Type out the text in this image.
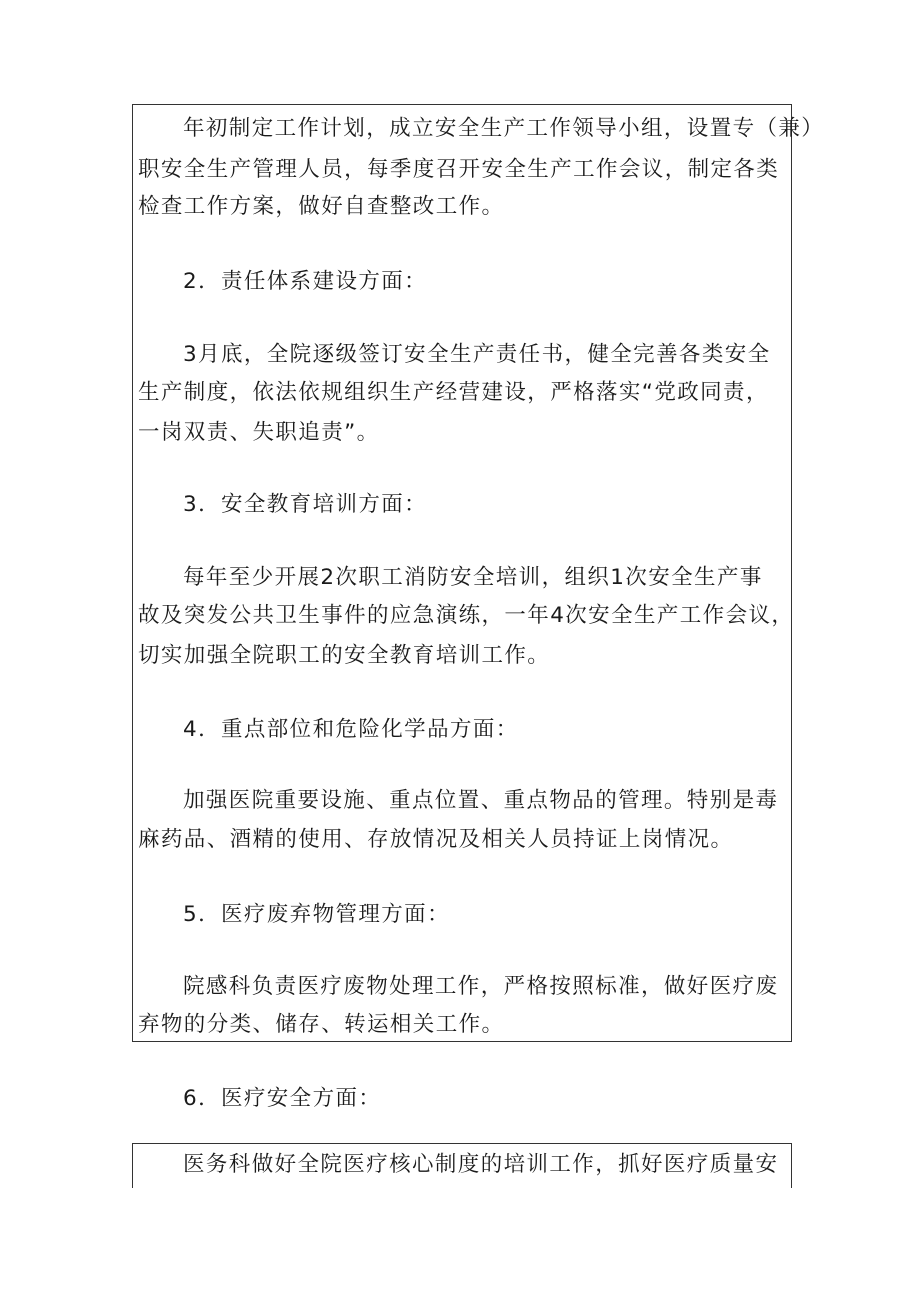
年初制定工作计划，成立安全生产工作领导小组，设置专（兼）
职安全生产管理人员，每季度召开安全生产工作会议，制定各类
检查工作方案，做好自查整改工作。
2．责任体系建设方面：
3月底，全院逐级签订安全生产责任书，健全完善各类安全
生产制度，依法依规组织生产经营建设，严格落实“党政同责，
一岗双责、失职追责”。
3．安全教育培训方面：
每年至少开展2次职工消防安全培训，组织1次安全生产事
故及突发公共卫生事件的应急演练，一年4次安全生产工作会议，
切实加强全院职工的安全教育培训工作。
4．重点部位和危险化学品方面：
加强医院重要设施、重点位置、重点物品的管理。特别是毒
麻药品、酒精的使用、存放情况及相关人员持证上岗情况。
5．医疗废弃物管理方面：
院感科负责医疗废物处理工作，严格按照标准，做好医疗废
弃物的分类、储存、转运相关工作。
6．医疗安全方面：
医务科做好全院医疗核心制度的培训工作，抓好医疗质量安
